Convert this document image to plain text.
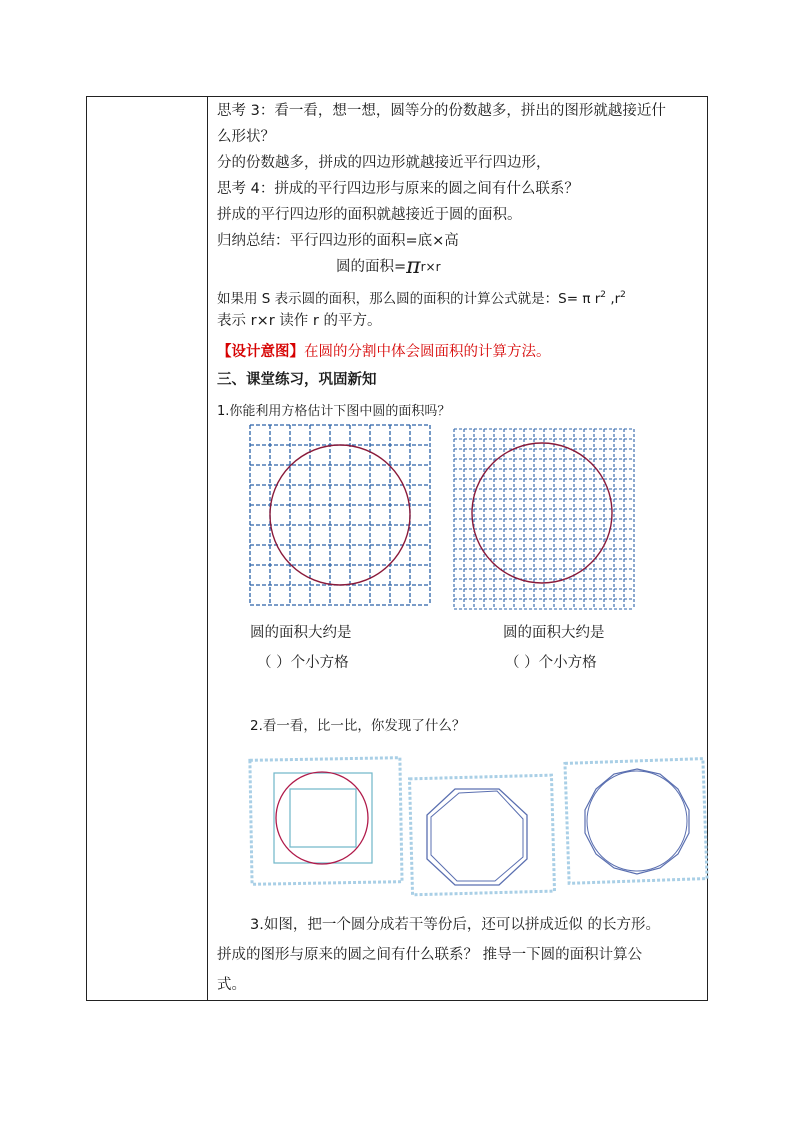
思考 3：看一看，想一想，圆等分的份数越多，拼出的图形就越接近什
么形状？
分的份数越多，拼成的四边形就越接近平行四边形，
思考 4：拼成的平行四边形与原来的圆之间有什么联系？
拼成的平行四边形的面积就越接近于圆的面积。
归纳总结：平行四边形的面积=底×高
圆的面积=πr×r
如果用 S 表示圆的面积，那么圆的面积的计算公式就是：S= π $r^2$ $,r^2$
表示 r×r 读作 r 的平方。
【设计意图】在圆的分割中体会圆面积的计算方法。
三、课堂练习，巩固新知
1.你能利用方格估计下图中圆的面积吗？
圆的面积大约是
（ ）个小方格
圆的面积大约是
（ ）个小方格
2.看一看，比一比，你发现了什么？
3.如图，把一个圆分成若干等份后，还可以拼成近似 的长方形。
拼成的图形与原来的圆之间有什么联系？ 推导一下圆的面积计算公
式。
